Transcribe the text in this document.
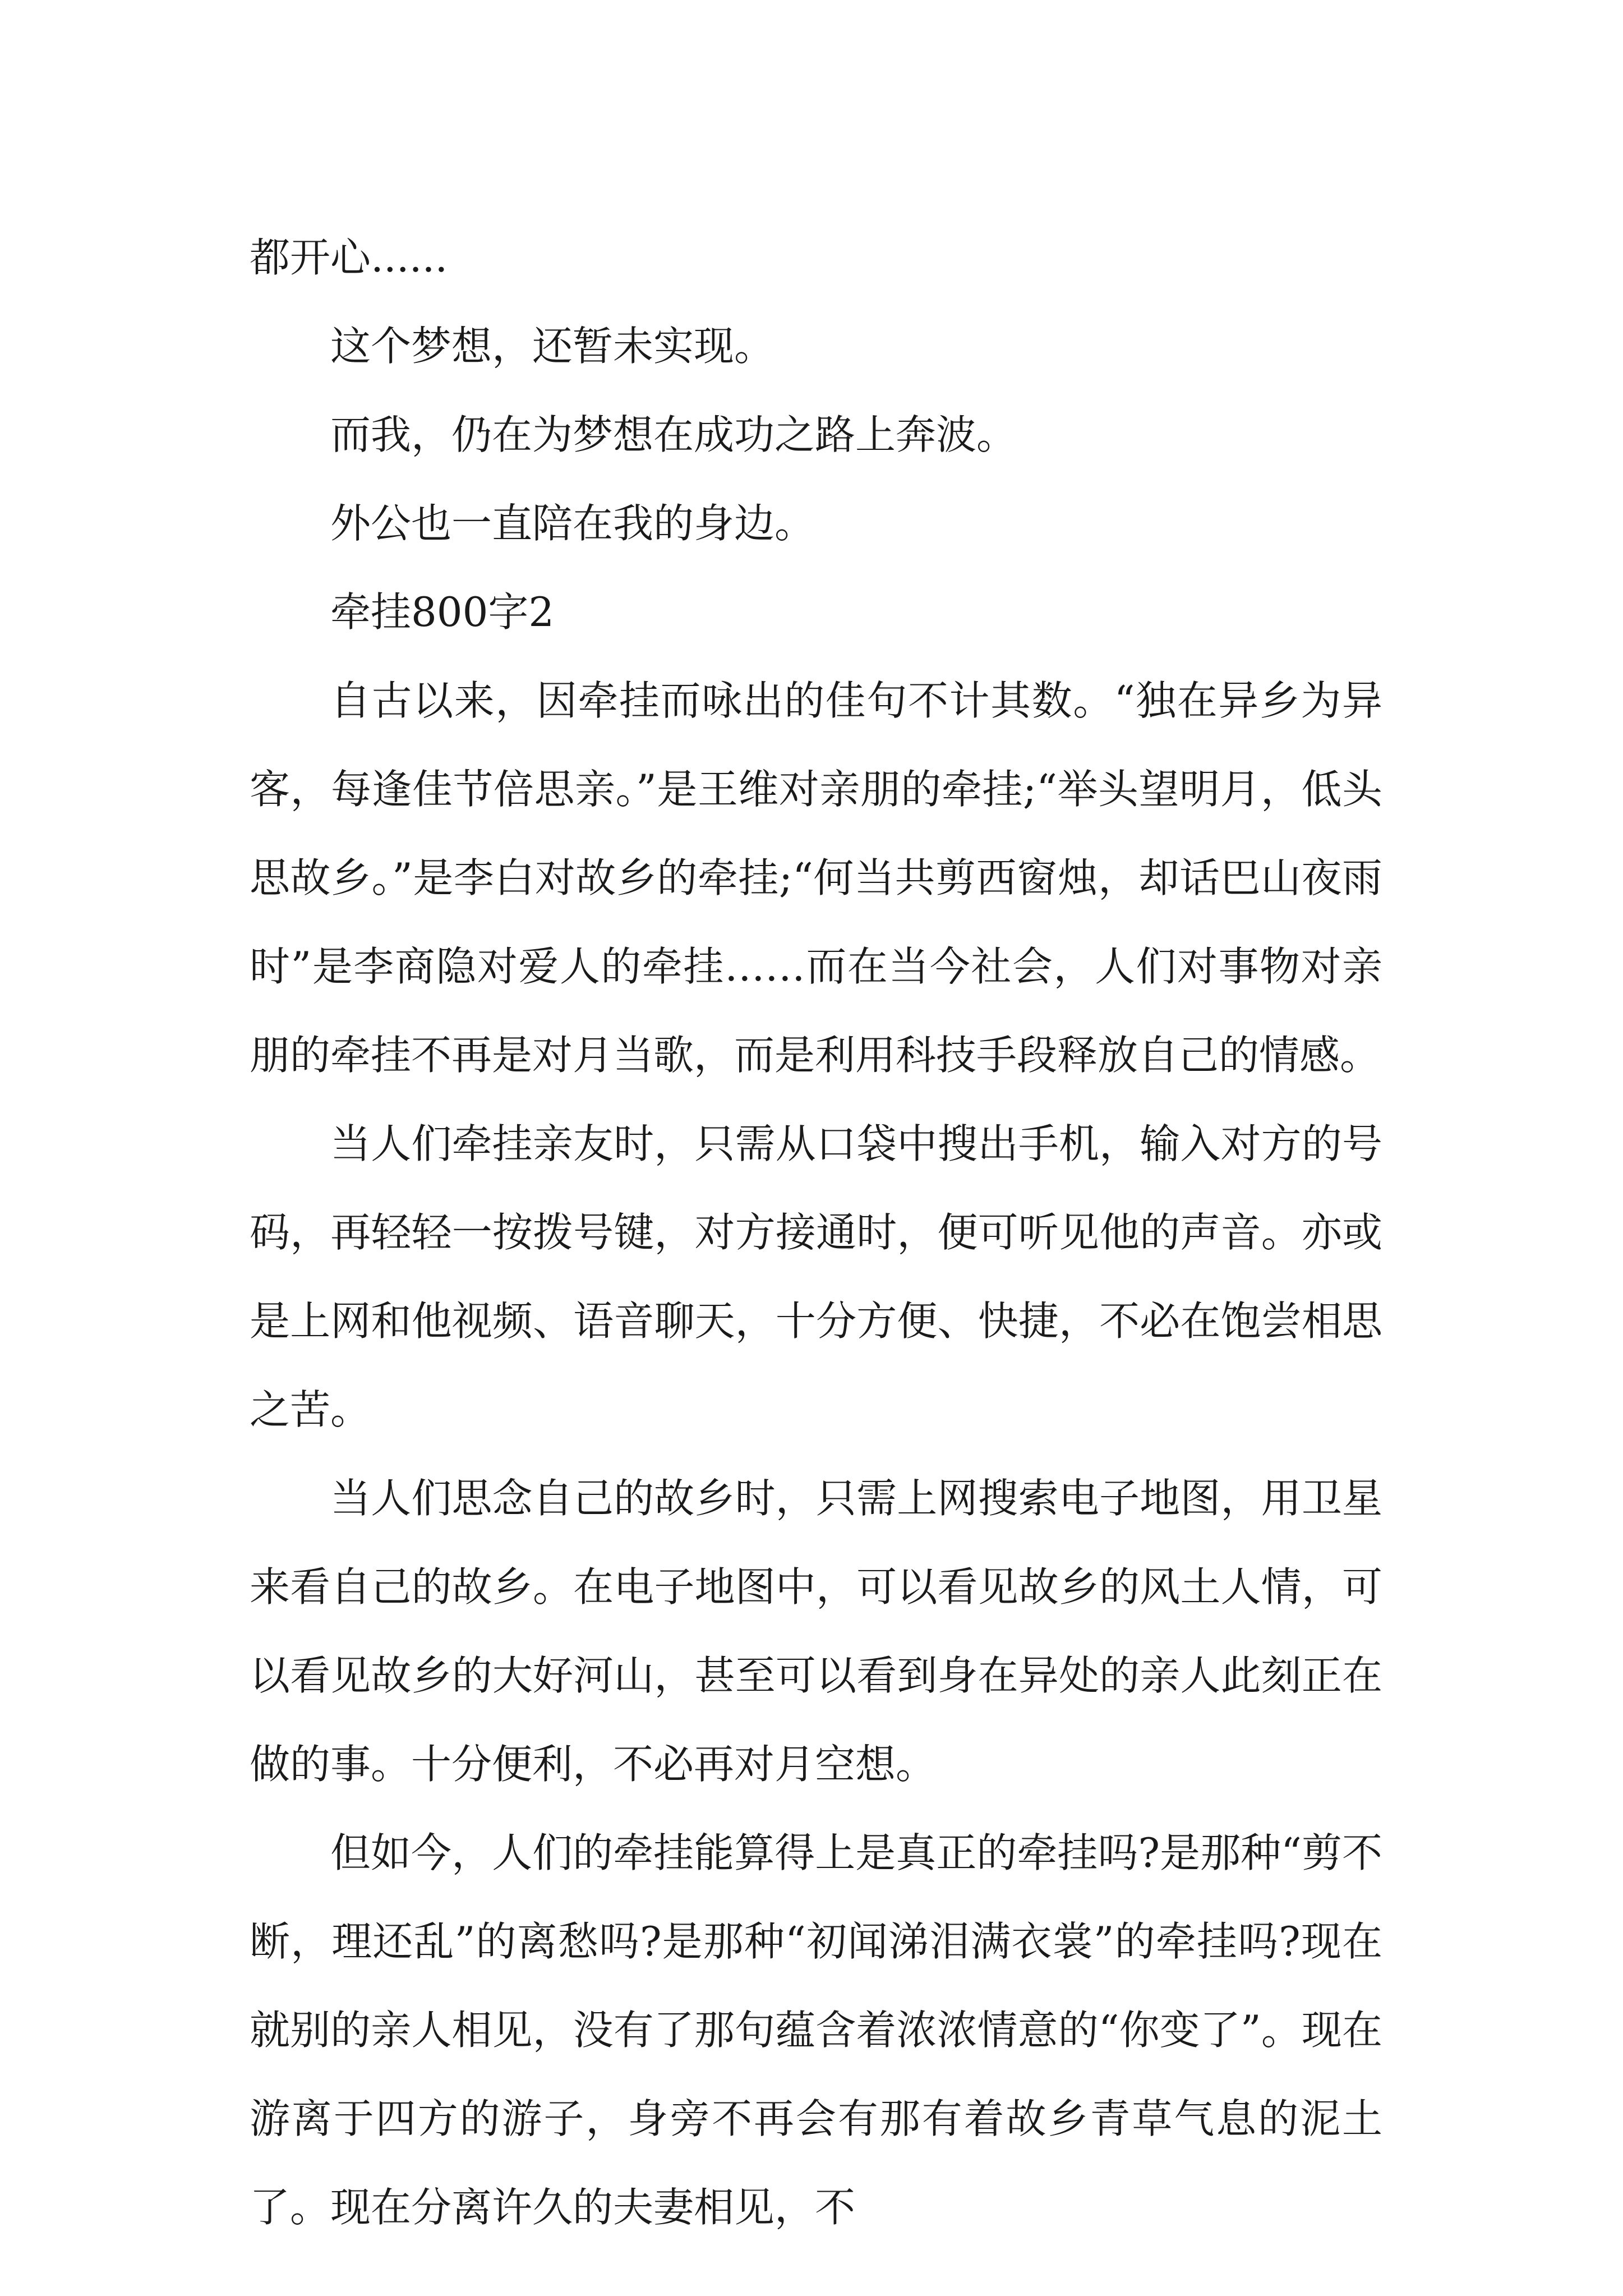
都开心......

这个梦想，还暂未实现。

而我，仍在为梦想在成功之路上奔波。

外公也一直陪在我的身边。

牵挂800字2

自古以来，因牵挂而咏出的佳句不计其数。“独在异乡为异客，每逢佳节倍思亲。”是王维对亲朋的牵挂;“举头望明月，低头思故乡。”是李白对故乡的牵挂;“何当共剪西窗烛，却话巴山夜雨时”是李商隐对爱人的牵挂……而在当今社会，人们对事物对亲朋的牵挂不再是对月当歌，而是利用科技手段释放自己的情感。

当人们牵挂亲友时，只需从口袋中搜出手机，输入对方的号码，再轻轻一按拨号键，对方接通时，便可听见他的声音。亦或是上网和他视频、语音聊天，十分方便、快捷，不必在饱尝相思之苦。

当人们思念自己的故乡时，只需上网搜索电子地图，用卫星来看自己的故乡。在电子地图中，可以看见故乡的风土人情，可以看见故乡的大好河山，甚至可以看到身在异处的亲人此刻正在做的事。十分便利，不必再对月空想。

但如今，人们的牵挂能算得上是真正的牵挂吗?是那种“剪不断，理还乱”的离愁吗?是那种“初闻涕泪满衣裳”的牵挂吗?现在就别的亲人相见，没有了那句蕴含着浓浓情意的“你变了”。现在游离于四方的游子，身旁不再会有那有着故乡青草气息的泥土了。现在分离许久的夫妻相见，不
